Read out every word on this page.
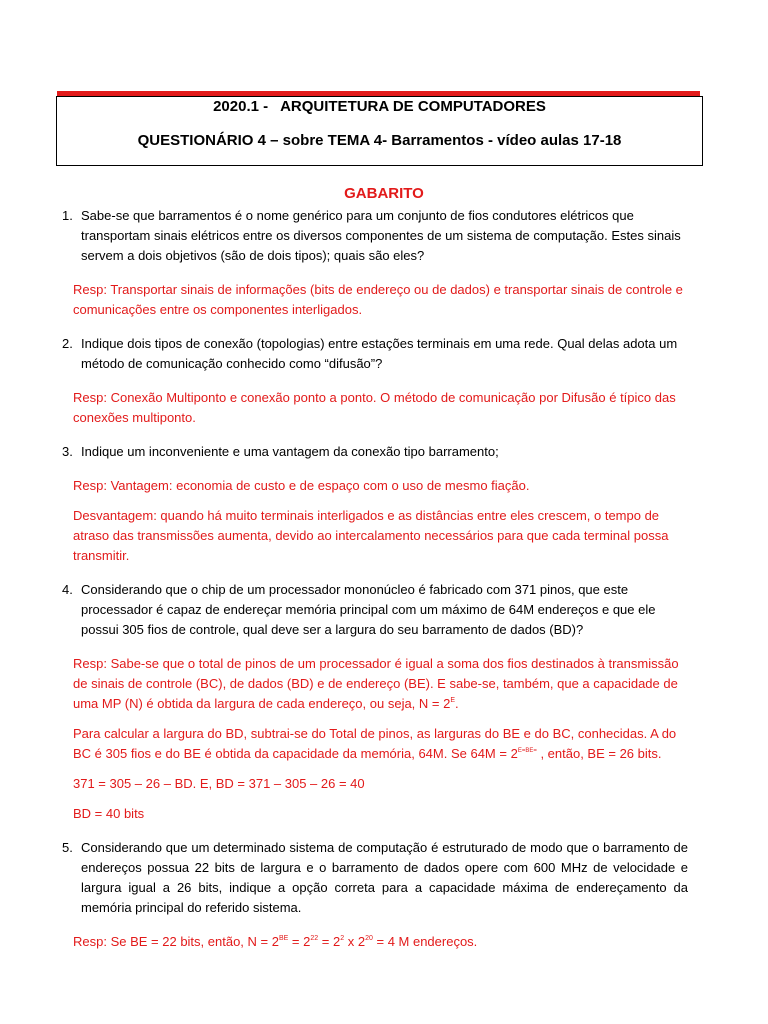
2020.1 -   ARQUITETURA DE COMPUTADORES
QUESTIONÁRIO 4 – sobre TEMA 4- Barramentos - vídeo aulas 17-18
GABARITO
1. Sabe-se que barramentos é o nome genérico para um conjunto de fios condutores elétricos que transportam sinais elétricos entre os diversos componentes de um sistema de computação. Estes sinais servem a dois objetivos (são de dois tipos); quais são eles?
Resp: Transportar sinais de informações (bits de endereço ou de dados) e transportar sinais de controle e comunicações entre os componentes interligados.
2. Indique dois tipos de conexão (topologias) entre estações terminais em uma rede. Qual delas adota um método de comunicação conhecido como “difusão”?
Resp: Conexão Multiponto e conexão ponto a ponto. O método de comunicação por Difusão é típico das conexões multiponto.
3. Indique um inconveniente e uma vantagem da conexão tipo barramento;
Resp: Vantagem: economia de custo e de espaço com o uso de mesmo fiação.
Desvantagem: quando há muito terminais interligados e as distâncias entre eles crescem, o tempo de atraso das transmissões aumenta, devido ao intercalamento necessários para que cada terminal possa transmitir.
4. Considerando que o chip de um processador mononúcleo é fabricado com 371 pinos, que este processador é capaz de endereçar memória principal com um máximo de 64M endereços e que ele possui 305 fios de controle, qual deve ser a largura do seu barramento de dados (BD)?
Resp: Sabe-se que o total de pinos de um processador é igual a soma dos fios destinados à transmissão de sinais de controle (BC), de dados (BD) e de endereço (BE). E sabe-se, também, que a capacidade de uma MP (N) é obtida da largura de cada endereço, ou seja, $N = 2^E$.
Para calcular a largura do BD, subtrai-se do Total de pinos, as larguras do BE e do BC, conhecidas. A do BC é 305 fios e do BE é obtida da capacidade da memória, 64M. Se $64M = 2^{E=BE=}$ , então, BE = 26 bits.
371 = 305 – 26 – BD. E, BD = 371 – 305 – 26 = 40
BD = 40 bits
5. Considerando que um determinado sistema de computação é estruturado de modo que o barramento de endereços possua 22 bits de largura e o barramento de dados opere com 600 MHz de velocidade e largura igual a 26 bits, indique a opção correta para a capacidade máxima de endereçamento da memória principal do referido sistema.
Resp: Se BE = 22 bits, então, $N = 2^{BE} = 2^{22} = 2^2$ x $2^{20} = 4$ M endereços.
